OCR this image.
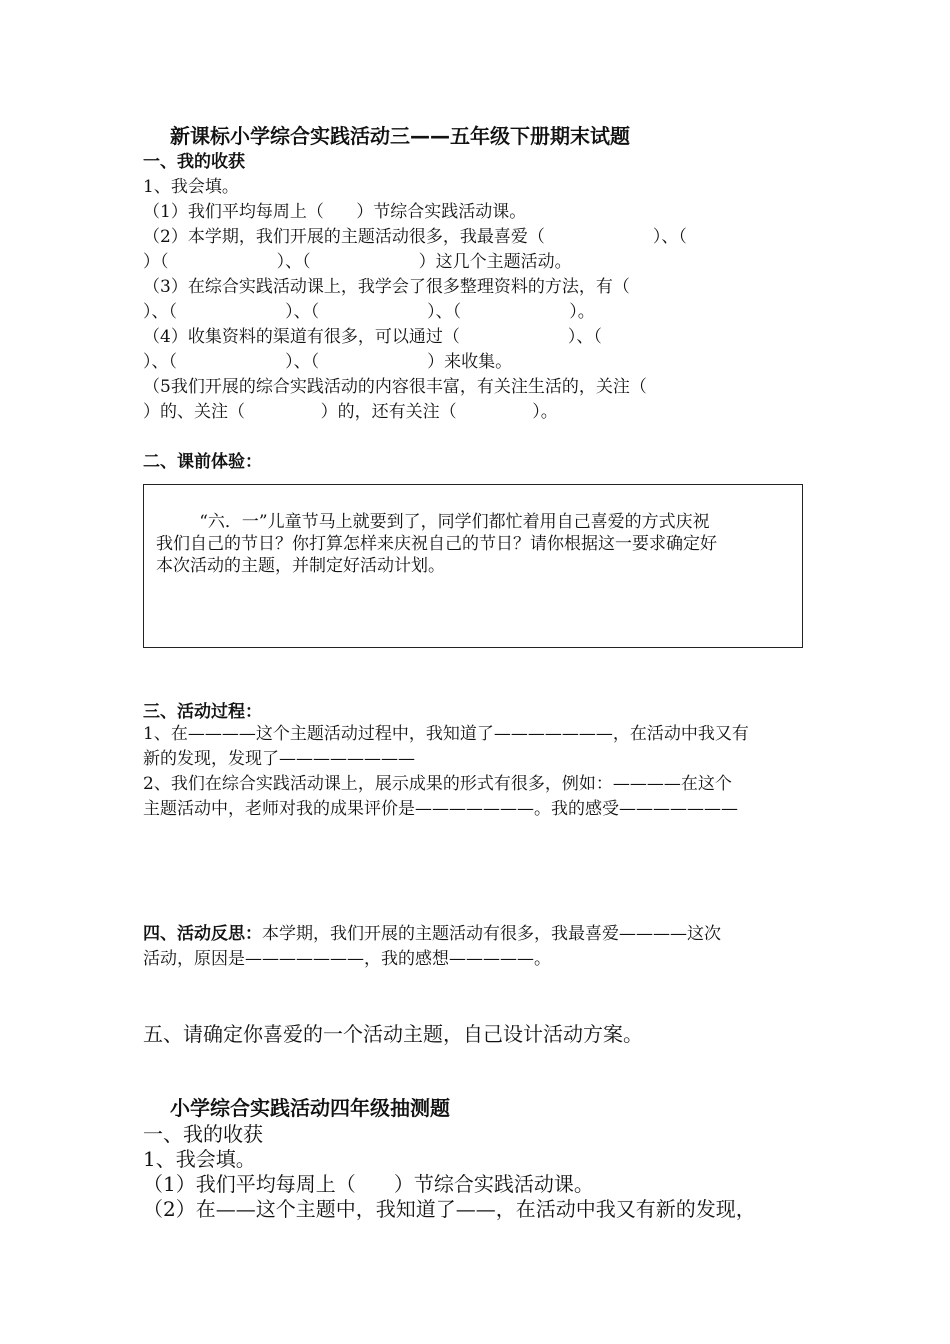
新课标小学综合实践活动三——五年级下册期末试题
一、我的收获
1、我会填。
（1）我们平均每周上（      ）节综合实践活动课。
（2）本学期，我们开展的主题活动很多，我最喜爱（                    ）、（
）（                    ）、（                    ）这几个主题活动。
（3）在综合实践活动课上，我学会了很多整理资料的方法，有（
）、（                    ）、（                    ）、（                    ）。
（4）收集资料的渠道有很多，可以通过（                    ）、（
）、（                    ）、（                    ）来收集。
（5我们开展的综合实践活动的内容很丰富，有关注生活的，关注（
）的、关注（              ）的，还有关注（              ）。
二、课前体验：
“六．一”儿童节马上就要到了，同学们都忙着用自己喜爱的方式庆祝
我们自己的节日？你打算怎样来庆祝自己的节日？请你根据这一要求确定好
本次活动的主题，并制定好活动计划。
三、活动过程：
1、在————这个主题活动过程中，我知道了———————，在活动中我又有
新的发现，发现了————————
2、我们在综合实践活动课上，展示成果的形式有很多，例如：————在这个
主题活动中，老师对我的成果评价是———————。我的感受———————
四、活动反思：本学期，我们开展的主题活动有很多，我最喜爱————这次
活动，原因是———————，我的感想—————。
五、请确定你喜爱的一个活动主题，自己设计活动方案。
小学综合实践活动四年级抽测题
一、我的收获
1、我会填。
（1）我们平均每周上（      ）节综合实践活动课。
（2）在——这个主题中，我知道了——，在活动中我又有新的发现，
